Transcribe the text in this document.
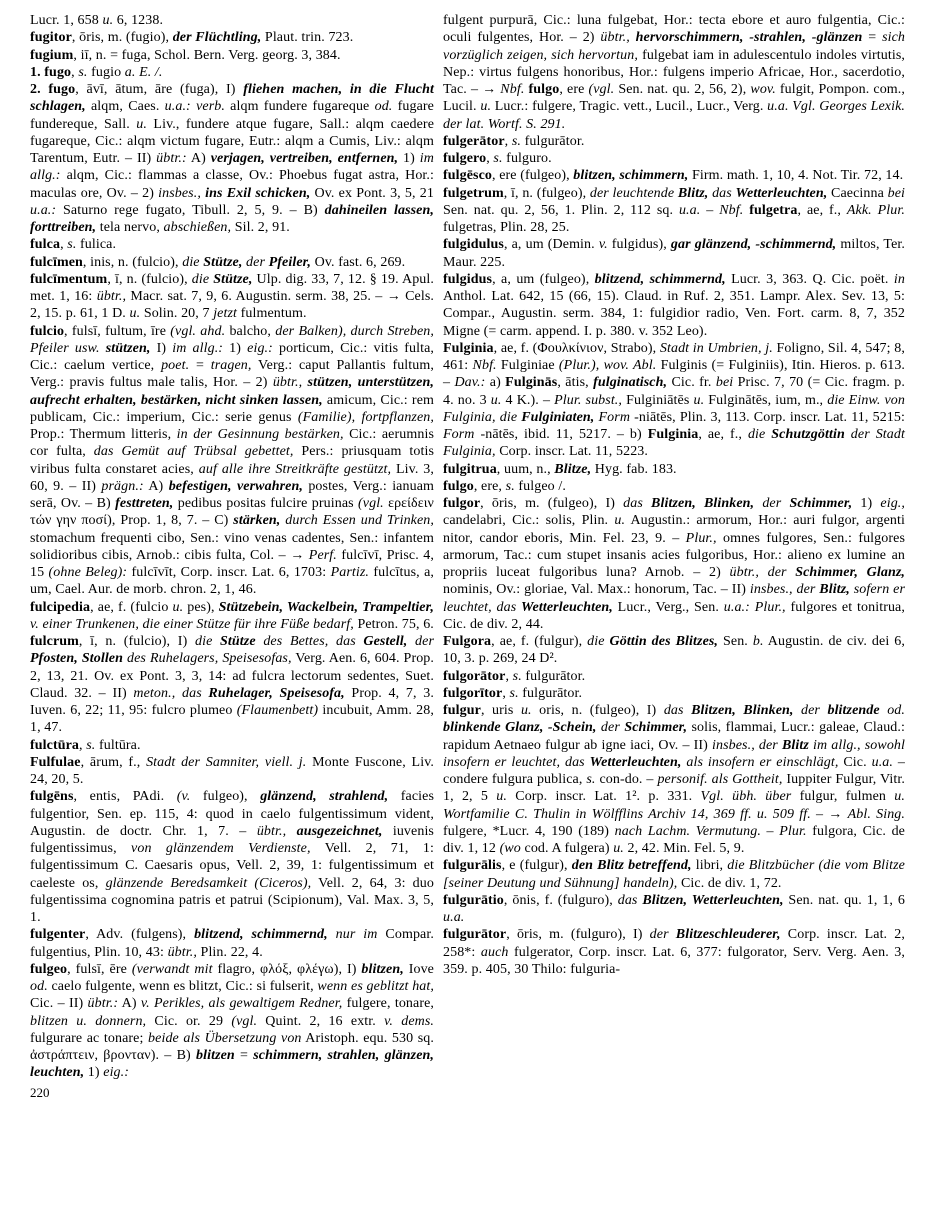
Lucr. 1, 658 u. 6, 1238.

fugitor, ōris, m. (fugio), der Flüchtling, Plaut. trin. 723.

fugium, iī, n. = fuga, Schol. Bern. Verg. georg. 3, 384.

1. fugo, s. fugio a. E. /.

2. fugo, āvī, ātum, āre (fuga), I) fliehen machen, in die Flucht schlagen, alqm, Caes. u.a.: verb. alqm fundere fugareque od. fugare fundereque, Sall. u. Liv., fundere atque fugare, Sall.: alqm caedere fugareque, Cic.: alqm victum fugare, Eutr.: alqm a Cumis, Liv.: alqm Tarentum, Eutr. – II) übtr.: A) verjagen, vertreiben, entfernen, 1) im allg.: alqm, Cic.: flammas a classe, Ov.: Phoebus fugat astra, Hor.: maculas ore, Ov. – 2) insbes., ins Exil schicken, Ov. ex Pont. 3, 5, 21 u.a.: Saturno rege fugato, Tibull. 2, 5, 9. – B) dahineilen lassen, forttreiben, tela nervo, abschießen, Sil. 2, 91.

fulca, s. fulica.

fulcīmen, inis, n. (fulcio), die Stütze, der Pfeiler, Ov. fast. 6, 269.

fulcīmentum, ī, n. (fulcio), die Stütze, Ulp. dig. 33, 7, 12. § 19. Apul. met. 1, 16: übtr., Macr. sat. 7, 9, 6. Augustin. serm. 38, 25. – → Cels. 2, 15. p. 61, 1 D. u. Solin. 20, 7 jetzt fulmentum.

fulcio, fulsī, fultum, īre (vgl. ahd. balcho, der Balken), durch Streben, Pfeiler usw. stützen, I) im allg.: 1) eig.: porticum, Cic.: vitis fulta, Cic.: caelum vertice, poet. = tragen, Verg.: caput Pallantis fultum, Verg.: pravis fultus male talis, Hor. – 2) übtr., stützen, unterstützen, aufrecht erhalten, bestärken, nicht sinken lassen, amicum, Cic.: rem publicam, Cic.: imperium, Cic.: serie genus (Familie), fortpflanzen, Prop.: Thermum litteris, in der Gesinnung bestärken, Cic.: aerumnis cor fulta, das Gemüt auf Trübsal gebettet, Pers.: priusquam totis viribus fulta constaret acies, auf alle ihre Streitkräfte gestützt, Liv. 3, 60, 9. – II) prägn.: A) befestigen, verwahren, postes, Verg.: ianuam serā, Ov. – B) festtreten, pedibus positas fulcire pruinas (vgl. ερείδειν τών γην ποσί), Prop. 1, 8, 7. – C) stärken, durch Essen und Trinken, stomachum frequenti cibo, Sen.: vino venas cadentes, Sen.: infantem solidioribus cibis, Arnob.: cibis fulta, Col. – → Perf. fulcīvī, Prisc. 4, 15 (ohne Beleg): fulcīvīt, Corp. inscr. Lat. 6, 1703: Partiz. fulcītus, a, um, Cael. Aur. de morb. chron. 2, 1, 46.

fulcipedia, ae, f. (fulcio u. pes), Stützebein, Wackelbein, Trampeltier, v. einer Trunkenen, die einer Stütze für ihre Füße bedarf, Petron. 75, 6.

fulcrum, ī, n. (fulcio), I) die Stütze des Bettes, das Gestell, der Pfosten, Stollen des Ruhelagers, Speisesofas, Verg. Aen. 6, 604. Prop. 2, 13, 21. Ov. ex Pont. 3, 3, 14: ad fulcra lectorum sedentes, Suet. Claud. 32. – II) meton., das Ruhelager, Speisesofa, Prop. 4, 7, 3. Iuven. 6, 22; 11, 95: fulcro plumeo (Flaumenbett) incubuit, Amm. 28, 1, 47.

fulctūra, s. fultūra.

Fulfulae, ārum, f., Stadt der Samniter, viell. j. Monte Fuscone, Liv. 24, 20, 5.

fulgēns, entis, PAdi. (v. fulgeo), glänzend, strahlend, facies fulgentior, Sen. ep. 115, 4: quod in caelo fulgentissimum vident, Augustin. de doctr. Chr. 1, 7. – übtr., ausgezeichnet, iuvenis fulgentissimus, von glänzendem Verdienste, Vell. 2, 71, 1: fulgentissimum C. Caesaris opus, Vell. 2, 39, 1: fulgentissimum et caeleste os, glänzende Beredsamkeit (Ciceros), Vell. 2, 64, 3: duo fulgentissima cognomina patris et patrui (Scipionum), Val. Max. 3, 5, 1.

fulgenter, Adv. (fulgens), blitzend, schimmernd, nur im Compar. fulgentius, Plin. 10, 43: übtr., Plin. 22, 4.

fulgeo, fulsī, ēre (verwandt mit flagro, φλόξ, φλέγω), I) blitzen, Iove od. caelo fulgente, wenn es blitzt, Cic.: si fulserit, wenn es geblitzt hat, Cic. – II) übtr.: A) v. Perikles, als gewaltigem Redner, fulgere, tonare, blitzen u. donnern, Cic. or. 29 (vgl. Quint. 2, 16 extr. v. dems. fulgurare ac tonare; beide als Übersetzung von Aristoph. equ. 530 sq. ἀστράπτειν, βρονταν). – B) blitzen = schimmern, strahlen, glänzen, leuchten, 1) eig.:

fulgent purpurā, Cic.: luna fulgebat, Hor.: tecta ebore et auro fulgentia, Cic.: oculi fulgentes, Hor. – 2) übtr., hervorschimmern, -strahlen, -glänzen = sich vorzüglich zeigen, sich hervortun, fulgebat iam in adulescentulo indoles virtutis, Nep.: virtus fulgens honoribus, Hor.: fulgens imperio Africae, Hor., sacerdotio, Tac. – → Nbf. fulgo, ere (vgl. Sen. nat. qu. 2, 56, 2), wov. fulgit, Pompon. com., Lucil. u. Lucr.: fulgere, Tragic. vett., Lucil., Lucr., Verg. u.a. Vgl. Georges Lexik. der lat. Wortf. S. 291.

fulgerātor, s. fulgurātor.

fulgero, s. fulguro.

fulgēsco, ere (fulgeo), blitzen, schimmern, Firm. math. 1, 10, 4. Not. Tir. 72, 14.

fulgetrum, ī, n. (fulgeo), der leuchtende Blitz, das Wetterleuchten, Caecinna bei Sen. nat. qu. 2, 56, 1. Plin. 2, 112 sq. u.a. – Nbf. fulgetra, ae, f., Akk. Plur. fulgetras, Plin. 28, 25.

fulgidulus, a, um (Demin. v. fulgidus), gar glänzend, -schimmernd, miltos, Ter. Maur. 225.

fulgidus, a, um (fulgeo), blitzend, schimmernd, Lucr. 3, 363. Q. Cic. poët. in Anthol. Lat. 642, 15 (66, 15). Claud. in Ruf. 2, 351. Lampr. Alex. Sev. 13, 5: Compar., Augustin. serm. 384, 1: fulgidior radio, Ven. Fort. carm. 8, 7, 352 Migne (= carm. append. I. p. 380. v. 352 Leo).

Fulginia, ae, f. (Φουλκίνιον, Strabo), Stadt in Umbrien, j. Foligno, Sil. 4, 547; 8, 461: Nbf. Fulginiae (Plur.), wov. Abl. Fulginis (= Fulginiis), Itin. Hieros. p. 613. – Dav.: a) Fulginās, ātis, fulginatisch, Cic. fr. bei Prisc. 7, 70 (= Cic. fragm. p. 4. no. 3 u. 4 K.). – Plur. subst., Fulginiātēs u. Fulginātēs, ium, m., die Einw. von Fulginia, die Fulginiaten, Form -niātēs, Plin. 3, 113. Corp. inscr. Lat. 11, 5215: Form -nātēs, ibid. 11, 5217. – b) Fulginia, ae, f., die Schutzgöttin der Stadt Fulginia, Corp. inscr. Lat. 11, 5223.

fulgitrua, uum, n., Blitze, Hyg. fab. 183.

fulgo, ere, s. fulgeo /.

fulgor, ōris, m. (fulgeo), I) das Blitzen, Blinken, der Schimmer, 1) eig., candelabri, Cic.: solis, Plin. u. Augustin.: armorum, Hor.: auri fulgor, argenti nitor, candor eboris, Min. Fel. 23, 9. – Plur., omnes fulgores, Sen.: fulgores armorum, Tac.: cum stupet insanis acies fulgoribus, Hor.: alieno ex lumine an propriis luceat fulgoribus luna? Arnob. – 2) übtr., der Schimmer, Glanz, nominis, Ov.: gloriae, Val. Max.: honorum, Tac. – II) insbes., der Blitz, sofern er leuchtet, das Wetterleuchten, Lucr., Verg., Sen. u.a.: Plur., fulgores et tonitrua, Cic. de div. 2, 44.

Fulgora, ae, f. (fulgur), die Göttin des Blitzes, Sen. b. Augustin. de civ. dei 6, 10, 3. p. 269, 24 D².

fulgorātor, s. fulgurātor.

fulgorītor, s. fulgurātor.

fulgur, uris u. oris, n. (fulgeo), I) das Blitzen, Blinken, der blitzende od. blinkende Glanz, -Schein, der Schimmer, solis, flammai, Lucr.: galeae, Claud.: rapidum Aetnaeo fulgur ab igne iaci, Ov. – II) insbes., der Blitz im allg., sowohl insofern er leuchtet, das Wetterleuchten, als insofern er einschlägt, Cic. u.a. – condere fulgura publica, s. con-do. – personif. als Gottheit, Iuppiter Fulgur, Vitr. 1, 2, 5 u. Corp. inscr. Lat. 1². p. 331. Vgl. übh. über fulgur, fulmen u. Wortfamilie C. Thulin in Wölfflins Archiv 14, 369 ff. u. 509 ff. – → Abl. Sing. fulgere, *Lucr. 4, 190 (189) nach Lachm. Vermutung. – Plur. fulgora, Cic. de div. 1, 12 (wo cod. A fulgera) u. 2, 42. Min. Fel. 5, 9.

fulgurālis, e (fulgur), den Blitz betreffend, libri, die Blitzbücher (die vom Blitze [seiner Deutung und Sühnung] handeln), Cic. de div. 1, 72.

fulgurātio, ōnis, f. (fulguro), das Blitzen, Wetterleuchten, Sen. nat. qu. 1, 1, 6 u.a.

fulgurātor, ōris, m. (fulguro), I) der Blitzeschleuderer, Corp. inscr. Lat. 2, 258*: auch fulgerator, Corp. inscr. Lat. 6, 377: fulgorator, Serv. Verg. Aen. 3, 359. p. 405, 30 Thilo: fulguria-

220
